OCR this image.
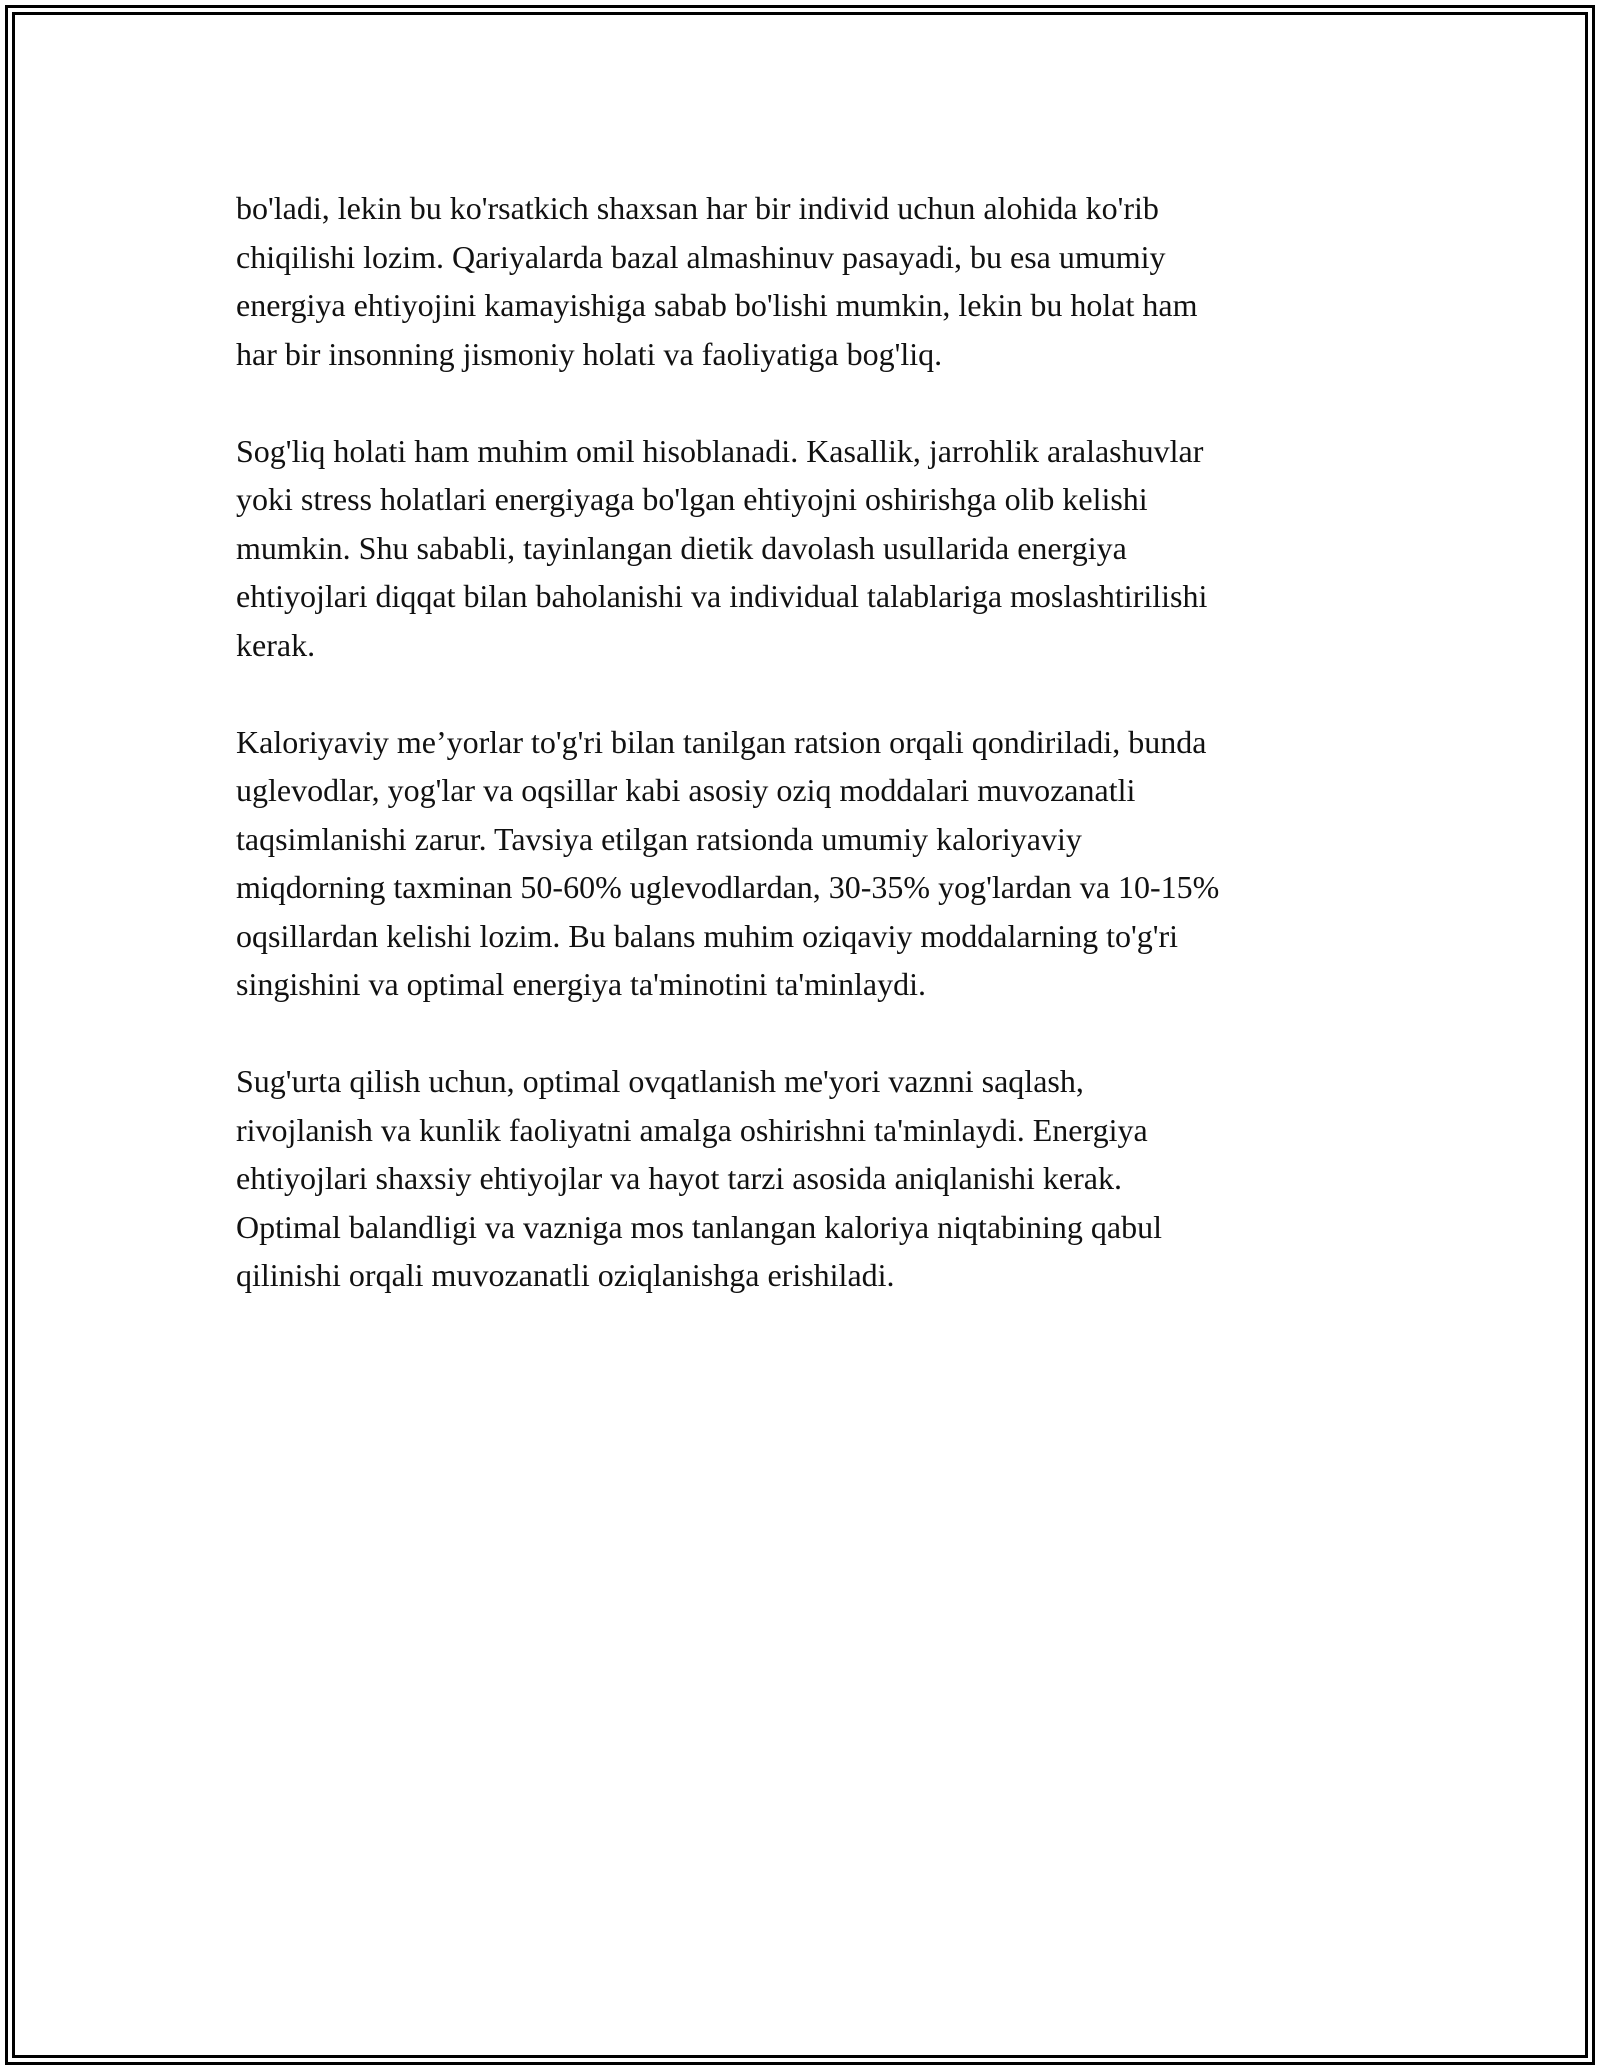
bo'ladi, lekin bu ko'rsatkich shaxsan har bir individ uchun alohida ko'rib
chiqilishi lozim. Qariyalarda bazal almashinuv pasayadi, bu esa umumiy
energiya ehtiyojini kamayishiga sabab bo'lishi mumkin, lekin bu holat ham
har bir insonning jismoniy holati va faoliyatiga bog'liq.

Sog'liq holati ham muhim omil hisoblanadi. Kasallik, jarrohlik aralashuvlar
yoki stress holatlari energiyaga bo'lgan ehtiyojni oshirishga olib kelishi
mumkin. Shu sababli, tayinlangan dietik davolash usullarida energiya
ehtiyojlari diqqat bilan baholanishi va individual talablariga moslashtirilishi
kerak.

Kaloriyaviy me’yorlar to'g'ri bilan tanilgan ratsion orqali qondiriladi, bunda
uglevodlar, yog'lar va oqsillar kabi asosiy oziq moddalari muvozanatli
taqsimlanishi zarur. Tavsiya etilgan ratsionda umumiy kaloriyaviy
miqdorning taxminan 50-60% uglevodlardan, 30-35% yog'lardan va 10-15%
oqsillardan kelishi lozim. Bu balans muhim oziqaviy moddalarning to'g'ri
singishini va optimal energiya ta'minotini ta'minlaydi.

Sug'urta qilish uchun, optimal ovqatlanish me'yori vaznni saqlash,
rivojlanish va kunlik faoliyatni amalga oshirishni ta'minlaydi. Energiya
ehtiyojlari shaxsiy ehtiyojlar va hayot tarzi asosida aniqlanishi kerak.
Optimal balandligi va vazniga mos tanlangan kaloriya niqtabining qabul
qilinishi orqali muvozanatli oziqlanishga erishiladi.
